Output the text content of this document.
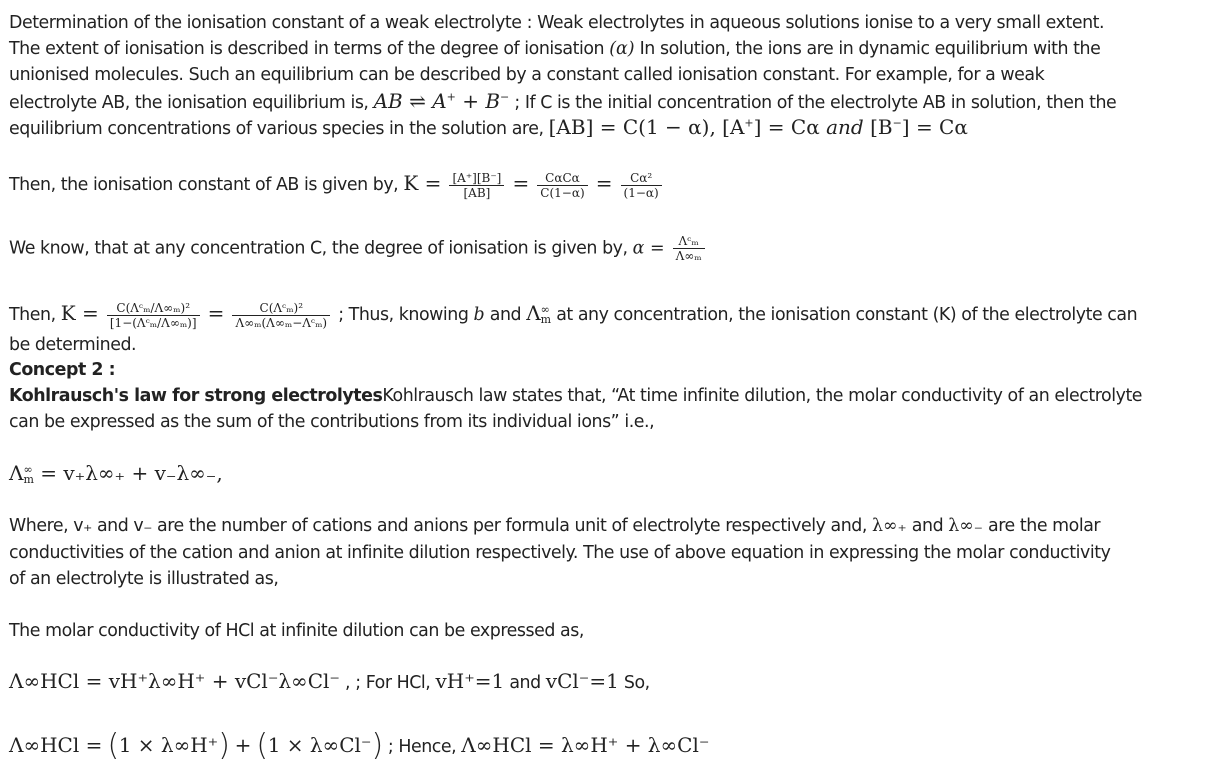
Determination of the ionisation constant of a weak electrolyte : Weak electrolytes in aqueous solutions ionise to a very small extent.
The extent of ionisation is described in terms of the degree of ionisation (α) In solution, the ions are in dynamic equilibrium with the
unionised molecules. Such an equilibrium can be described by a constant called ionisation constant. For example, for a weak
electrolyte AB, the ionisation equilibrium is, AB ⇌ A+ + B− ; If C is the initial concentration of the electrolyte AB in solution, then the
equilibrium concentrations of various species in the solution are, [AB] = C(1 − α), [A+] = Cα and [B−] = Cα
Then, the ionisation constant of AB is given by, $K = \frac{[A^+][B^-]}{[AB]} = \frac{\text{CαCα}}{C(1-\alpha)} = \frac{\text{Cα²}}{(1-\alpha)}$
We know, that at any concentration C, the degree of ionisation is given by, $\alpha = \frac{\text{Λᶜₘ}}{\text{Λ∞ₘ}}$
Then, $K = \frac{\text{C(Λᶜₘ/Λ∞ₘ)²}}{\text{[1−(Λᶜₘ/Λ∞ₘ)]}} = \frac{\text{C(Λᶜₘ)²}}{\text{Λ∞ₘ(Λ∞ₘ−Λᶜₘ)}}$ ; Thus, knowing b and Λ ∞
m at any concentration, the ionisation constant (K) of the electrolyte can
be determined.
Concept 2 :
Kohlrausch's law for strong electrolytesKohlrausch law states that, “At time infinite dilution, the molar conductivity of an electrolyte
can be expressed as the sum of the contributions from its individual ions” i.e.,
Λ ∞
m = v₊λ∞₊ + v₋λ∞₋,
Where, v₊ and v₋ are the number of cations and anions per formula unit of electrolyte respectively and, λ∞₊ and λ∞₋ are the molar
conductivities of the cation and anion at infinite dilution respectively. The use of above equation in expressing the molar conductivity
of an electrolyte is illustrated as,
The molar conductivity of HCl at infinite dilution can be expressed as,
Λ∞HCl = vH⁺λ∞H⁺ + vCl⁻λ∞Cl⁻ , ; For HCl, vH⁺=1 and vCl⁻=1 So,
Λ∞HCl = (1 × λ∞H⁺) + (1 × λ∞Cl⁻) ; Hence, Λ∞HCl = λ∞H⁺ + λ∞Cl⁻
